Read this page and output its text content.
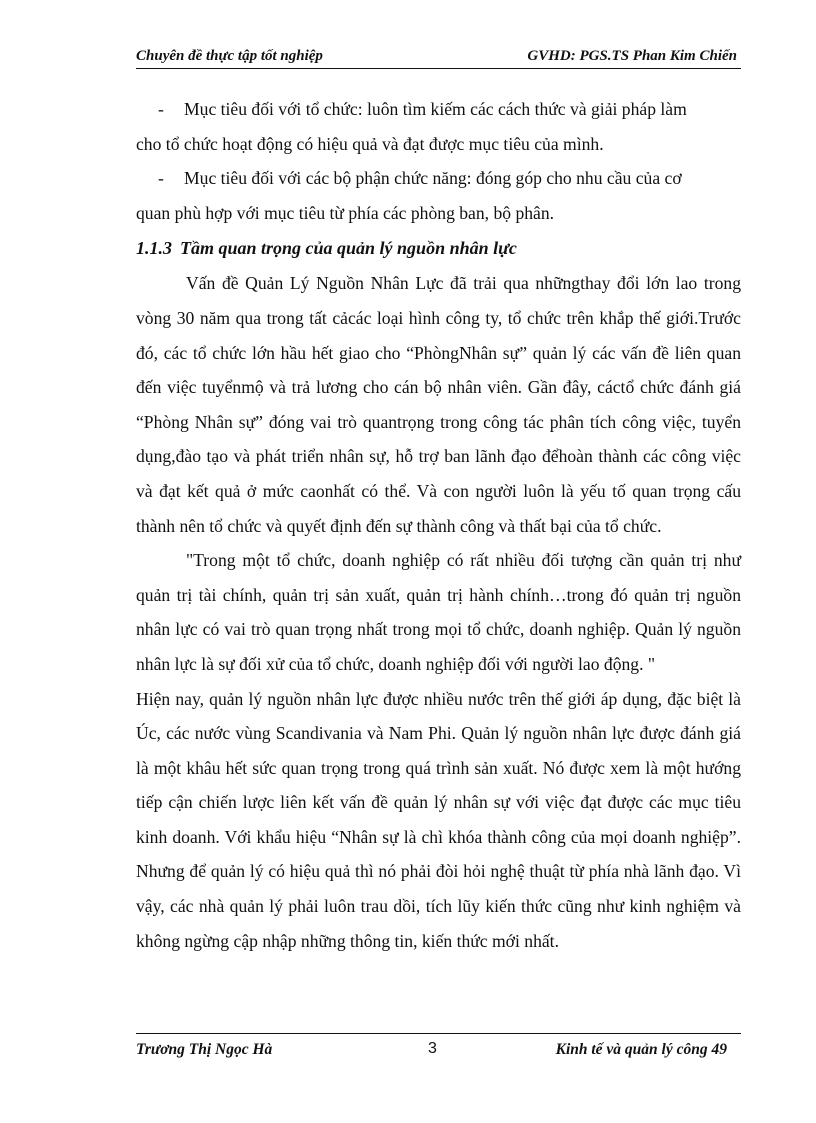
Chuyên đề thực tập tốt nghiệp	GVHD: PGS.TS Phan Kim Chiến

- Mục tiêu đối với tổ chức: luôn tìm kiếm các cách thức và giải pháp làm
cho tổ chức hoạt động có hiệu quả và đạt được mục tiêu của mình.

- Mục tiêu đối với các bộ phận chức năng: đóng góp cho nhu cầu của cơ
quan phù hợp với mục tiêu từ phía các phòng ban, bộ phân.

1.1.3 Tầm quan trọng của quản lý nguồn nhân lực

Vấn đề Quản Lý Nguồn Nhân Lực đã trải qua nhữngthay đổi lớn lao trong vòng 30 năm qua trong tất cảcác loại hình công ty, tổ chức trên khắp thế giới.Trước đó, các tổ chức lớn hầu hết giao cho “PhòngNhân sự” quản lý các vấn đề liên quan đến việc tuyểnmộ và trả lương cho cán bộ nhân viên. Gần đây, cáctổ chức đánh giá “Phòng Nhân sự” đóng vai trò quantrọng trong công tác phân tích công việc, tuyển dụng,đào tạo và phát triển nhân sự, hỗ trợ ban lãnh đạo đểhoàn thành các công việc và đạt kết quả ở mức caonhất có thể. Và con người luôn là yếu tố quan trọng cấu thành nên tổ chức và quyết định đến sự thành công và thất bại của tổ chức.

"Trong một tổ chức, doanh nghiệp có rất nhiều đối tượng cần quản trị như quản trị tài chính, quản trị sản xuất, quản trị hành chính…trong đó quản trị nguồn nhân lực có vai trò quan trọng nhất trong mọi tổ chức, doanh nghiệp. Quản lý nguồn nhân lực là sự đối xử của tổ chức, doanh nghiệp đối với người lao động. "

Hiện nay, quản lý nguồn nhân lực được nhiều nước trên thế giới áp dụng, đặc biệt là Úc, các nước vùng Scandivania và Nam Phi. Quản lý nguồn nhân lực được đánh giá là một khâu hết sức quan trọng trong quá trình sản xuất. Nó được xem là một hướng tiếp cận chiến lược liên kết vấn đề quản lý nhân sự với việc đạt được các mục tiêu kinh doanh. Với khẩu hiệu “Nhân sự là chì khóa thành công của mọi doanh nghiệp”. Nhưng để quản lý có hiệu quả thì nó phải đòi hỏi nghệ thuật từ phía nhà lãnh đạo. Vì vậy, các nhà quản lý phải luôn trau dồi, tích lũy kiến thức cũng như kinh nghiệm và không ngừng cập nhập những thông tin, kiến thức mới nhất.

Trương Thị Ngọc Hà	3	Kinh tế và quản lý công 49
